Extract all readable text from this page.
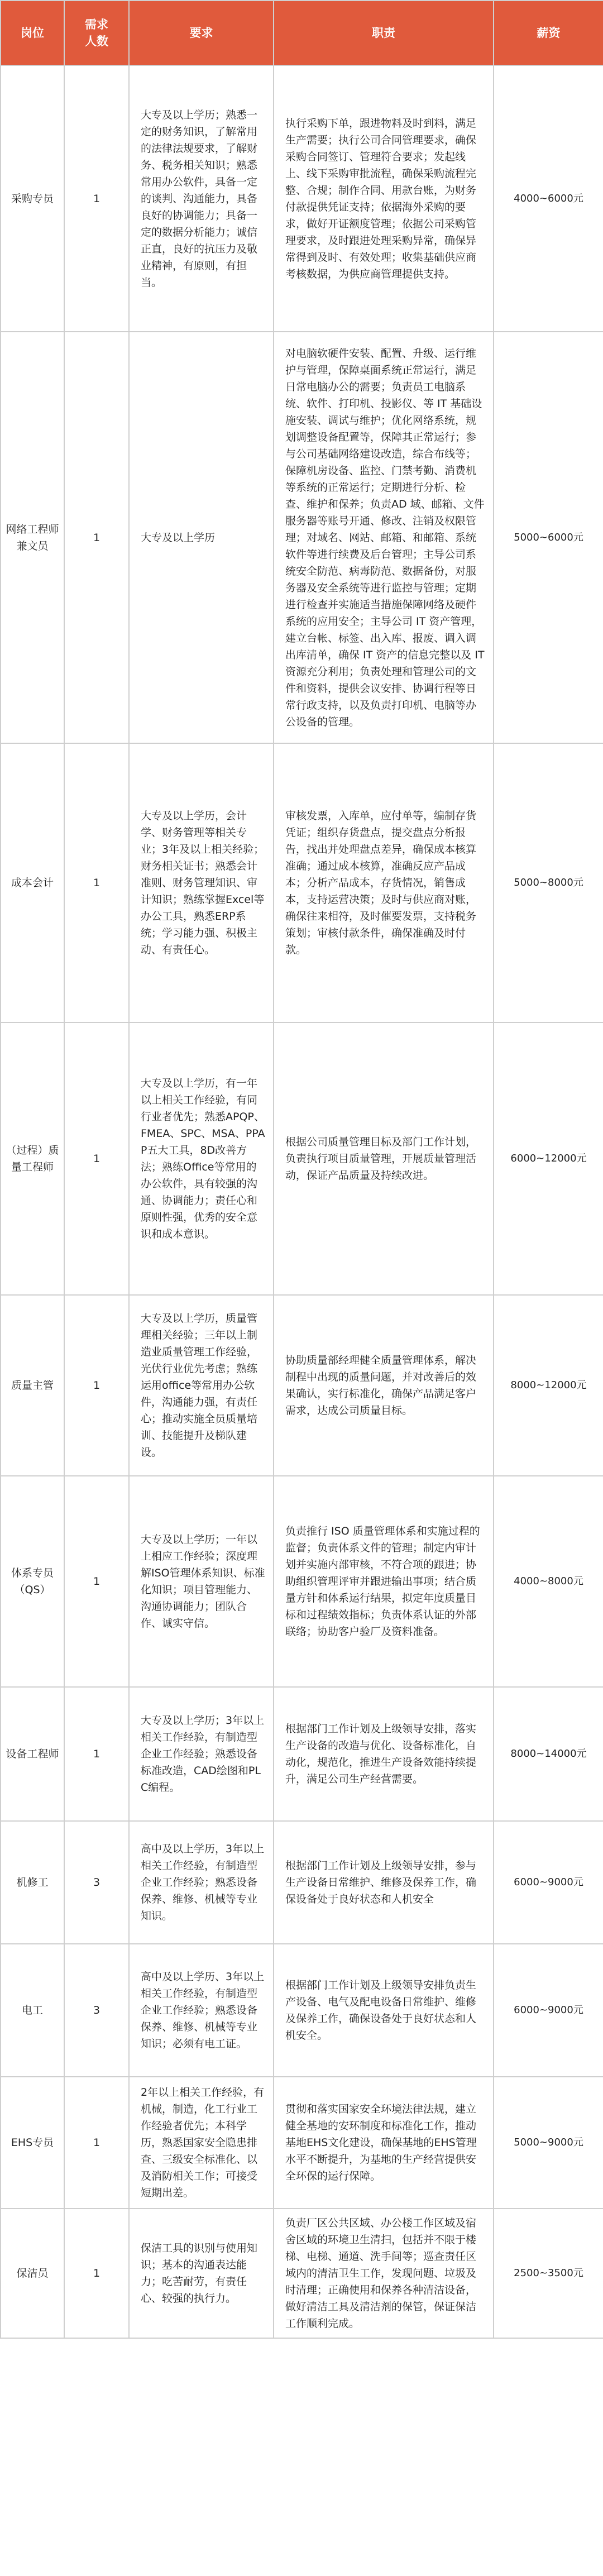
岗位	需求人数	要求	职责	薪资
采购专员	1	大专及以上学历；熟悉一定的财务知识，了解常用的法律法规要求，了解财务、税务相关知识；熟悉常用办公软件，具备一定的谈判、沟通能力，具备良好的协调能力；具备一定的数据分析能力；诚信正直，良好的抗压力及敬业精神，有原则，有担当。	执行采购下单，跟进物料及时到料，满足生产需要；执行公司合同管理要求，确保采购合同签订、管理符合要求；发起线上、线下采购审批流程，确保采购流程完整、合规；制作合同、用款台账，为财务付款提供凭证支持；依据海外采购的要求，做好开证额度管理；依据公司采购管理要求，及时跟进处理采购异常，确保异常得到及时、有效处理；收集基础供应商考核数据，为供应商管理提供支持。	4000~6000元
网络工程师兼文员	1	大专及以上学历	对电脑软硬件安装、配置、升级、运行维护与管理，保障桌面系统正常运行，满足日常电脑办公的需要；负责员工电脑系统、软件、打印机、投影仪、等 IT 基础设施安装、调试与维护；优化网络系统，规划调整设备配置等，保障其正常运行；参与公司基础网络建设改造，综合布线等；保障机房设备、监控、门禁考勤、消费机等系统的正常运行；定期进行分析、检查、维护和保养；负责AD 域、邮箱、文件服务器等账号开通、修改、注销及权限管理；对域名、网站、邮箱、和邮箱、系统软件等进行续费及后台管理；主导公司系统安全防范、病毒防范、数据备份，对服务器及安全系统等进行监控与管理；定期进行检查并实施适当措施保障网络及硬件系统的应用安全；主导公司 IT 资产管理，建立台帐、标签、出入库、报废、调入调出库清单，确保 IT 资产的信息完整以及 IT 资源充分利用；负责处理和管理公司的文件和资料，提供会议安排、协调行程等日常行政支持，以及负责打印机、电脑等办公设备的管理。	5000~6000元
成本会计	1	大专及以上学历，会计学、财务管理等相关专业；3年及以上相关经验；财务相关证书；熟悉会计准则、财务管理知识、审计知识；熟练掌握Excel等办公工具，熟悉ERP系统；学习能力强、积极主动、有责任心。	审核发票，入库单，应付单等，编制存货凭证；组织存货盘点，提交盘点分析报告，找出并处理盘点差异，确保成本核算准确；通过成本核算，准确反应产品成本；分析产品成本，存货情况，销售成本，支持运营决策；及时与供应商对账，确保往来相符，及时催要发票，支持税务策划；审核付款条件，确保准确及时付款。	5000~8000元
（过程）质量工程师	1	大专及以上学历，有一年以上相关工作经验，有同行业者优先；熟悉APQP、FMEA、SPC、MSA、PPAP五大工具，8D改善方法；熟练Office等常用的办公软件，具有较强的沟通、协调能力；责任心和原则性强，优秀的安全意识和成本意识。	根据公司质量管理目标及部门工作计划，负责执行项目质量管理，开展质量管理活动，保证产品质量及持续改进。	6000~12000元
质量主管	1	大专及以上学历，质量管理相关经验；三年以上制造业质量管理工作经验，光伏行业优先考虑；熟练运用office等常用办公软件，沟通能力强，有责任心；推动实施全员质量培训、技能提升及梯队建设。	协助质量部经理健全质量管理体系，解决制程中出现的质量问题，并对改善后的效果确认，实行标准化，确保产品满足客户需求，达成公司质量目标。	8000~12000元
体系专员（QS）	1	大专及以上学历；一年以上相应工作经验；深度理解ISO管理体系知识、标准化知识；项目管理能力、沟通协调能力；团队合作、诚实守信。	负责推行 ISO 质量管理体系和实施过程的监督；负责体系文件的管理；制定内审计划并实施内部审核，不符合项的跟进；协助组织管理评审并跟进输出事项；结合质量方针和体系运行结果，拟定年度质量目标和过程绩效指标；负责体系认证的外部联络；协助客户验厂及资料准备。	4000~8000元
设备工程师	1	大专及以上学历；3年以上相关工作经验，有制造型企业工作经验；熟悉设备标准改造，CAD绘图和PLC编程。	根据部门工作计划及上级领导安排，落实生产设备的改造与优化、设备标准化，自动化，规范化，推进生产设备效能持续提升，满足公司生产经营需要。	8000~14000元
机修工	3	高中及以上学历，3年以上相关工作经验，有制造型企业工作经验；熟悉设备保养、维修、机械等专业知识。	根据部门工作计划及上级领导安排，参与生产设备日常维护、维修及保养工作，确保设备处于良好状态和人机安全	6000~9000元
电工	3	高中及以上学历、3年以上相关工作经验，有制造型企业工作经验；熟悉设备保养、维修、机械等专业知识；必须有电工证。	根据部门工作计划及上级领导安排负责生产设备、电气及配电设备日常维护、维修及保养工作，确保设备处于良好状态和人机安全。	6000~9000元
EHS专员	1	2年以上相关工作经验，有机械，制造，化工行业工作经验者优先；本科学历，熟悉国家安全隐患排查、三级安全标准化、以及消防相关工作；可接受短期出差。	贯彻和落实国家安全环境法律法规，建立健全基地的安环制度和标准化工作，推动基地EHS文化建设，确保基地的EHS管理水平不断提升，为基地的生产经营提供安全环保的运行保障。	5000~9000元
保洁员	1	保洁工具的识别与使用知识；基本的沟通表达能力；吃苦耐劳，有责任心、较强的执行力。	负责厂区公共区域、办公楼工作区域及宿舍区域的环境卫生清扫，包括并不限于楼梯、电梯、通道、洗手间等；巡查责任区域内的清洁卫生工作，发现问题、垃圾及时清理；正确使用和保养各种清洁设备，做好清洁工具及清洁剂的保管，保证保洁工作顺利完成。	2500~3500元
